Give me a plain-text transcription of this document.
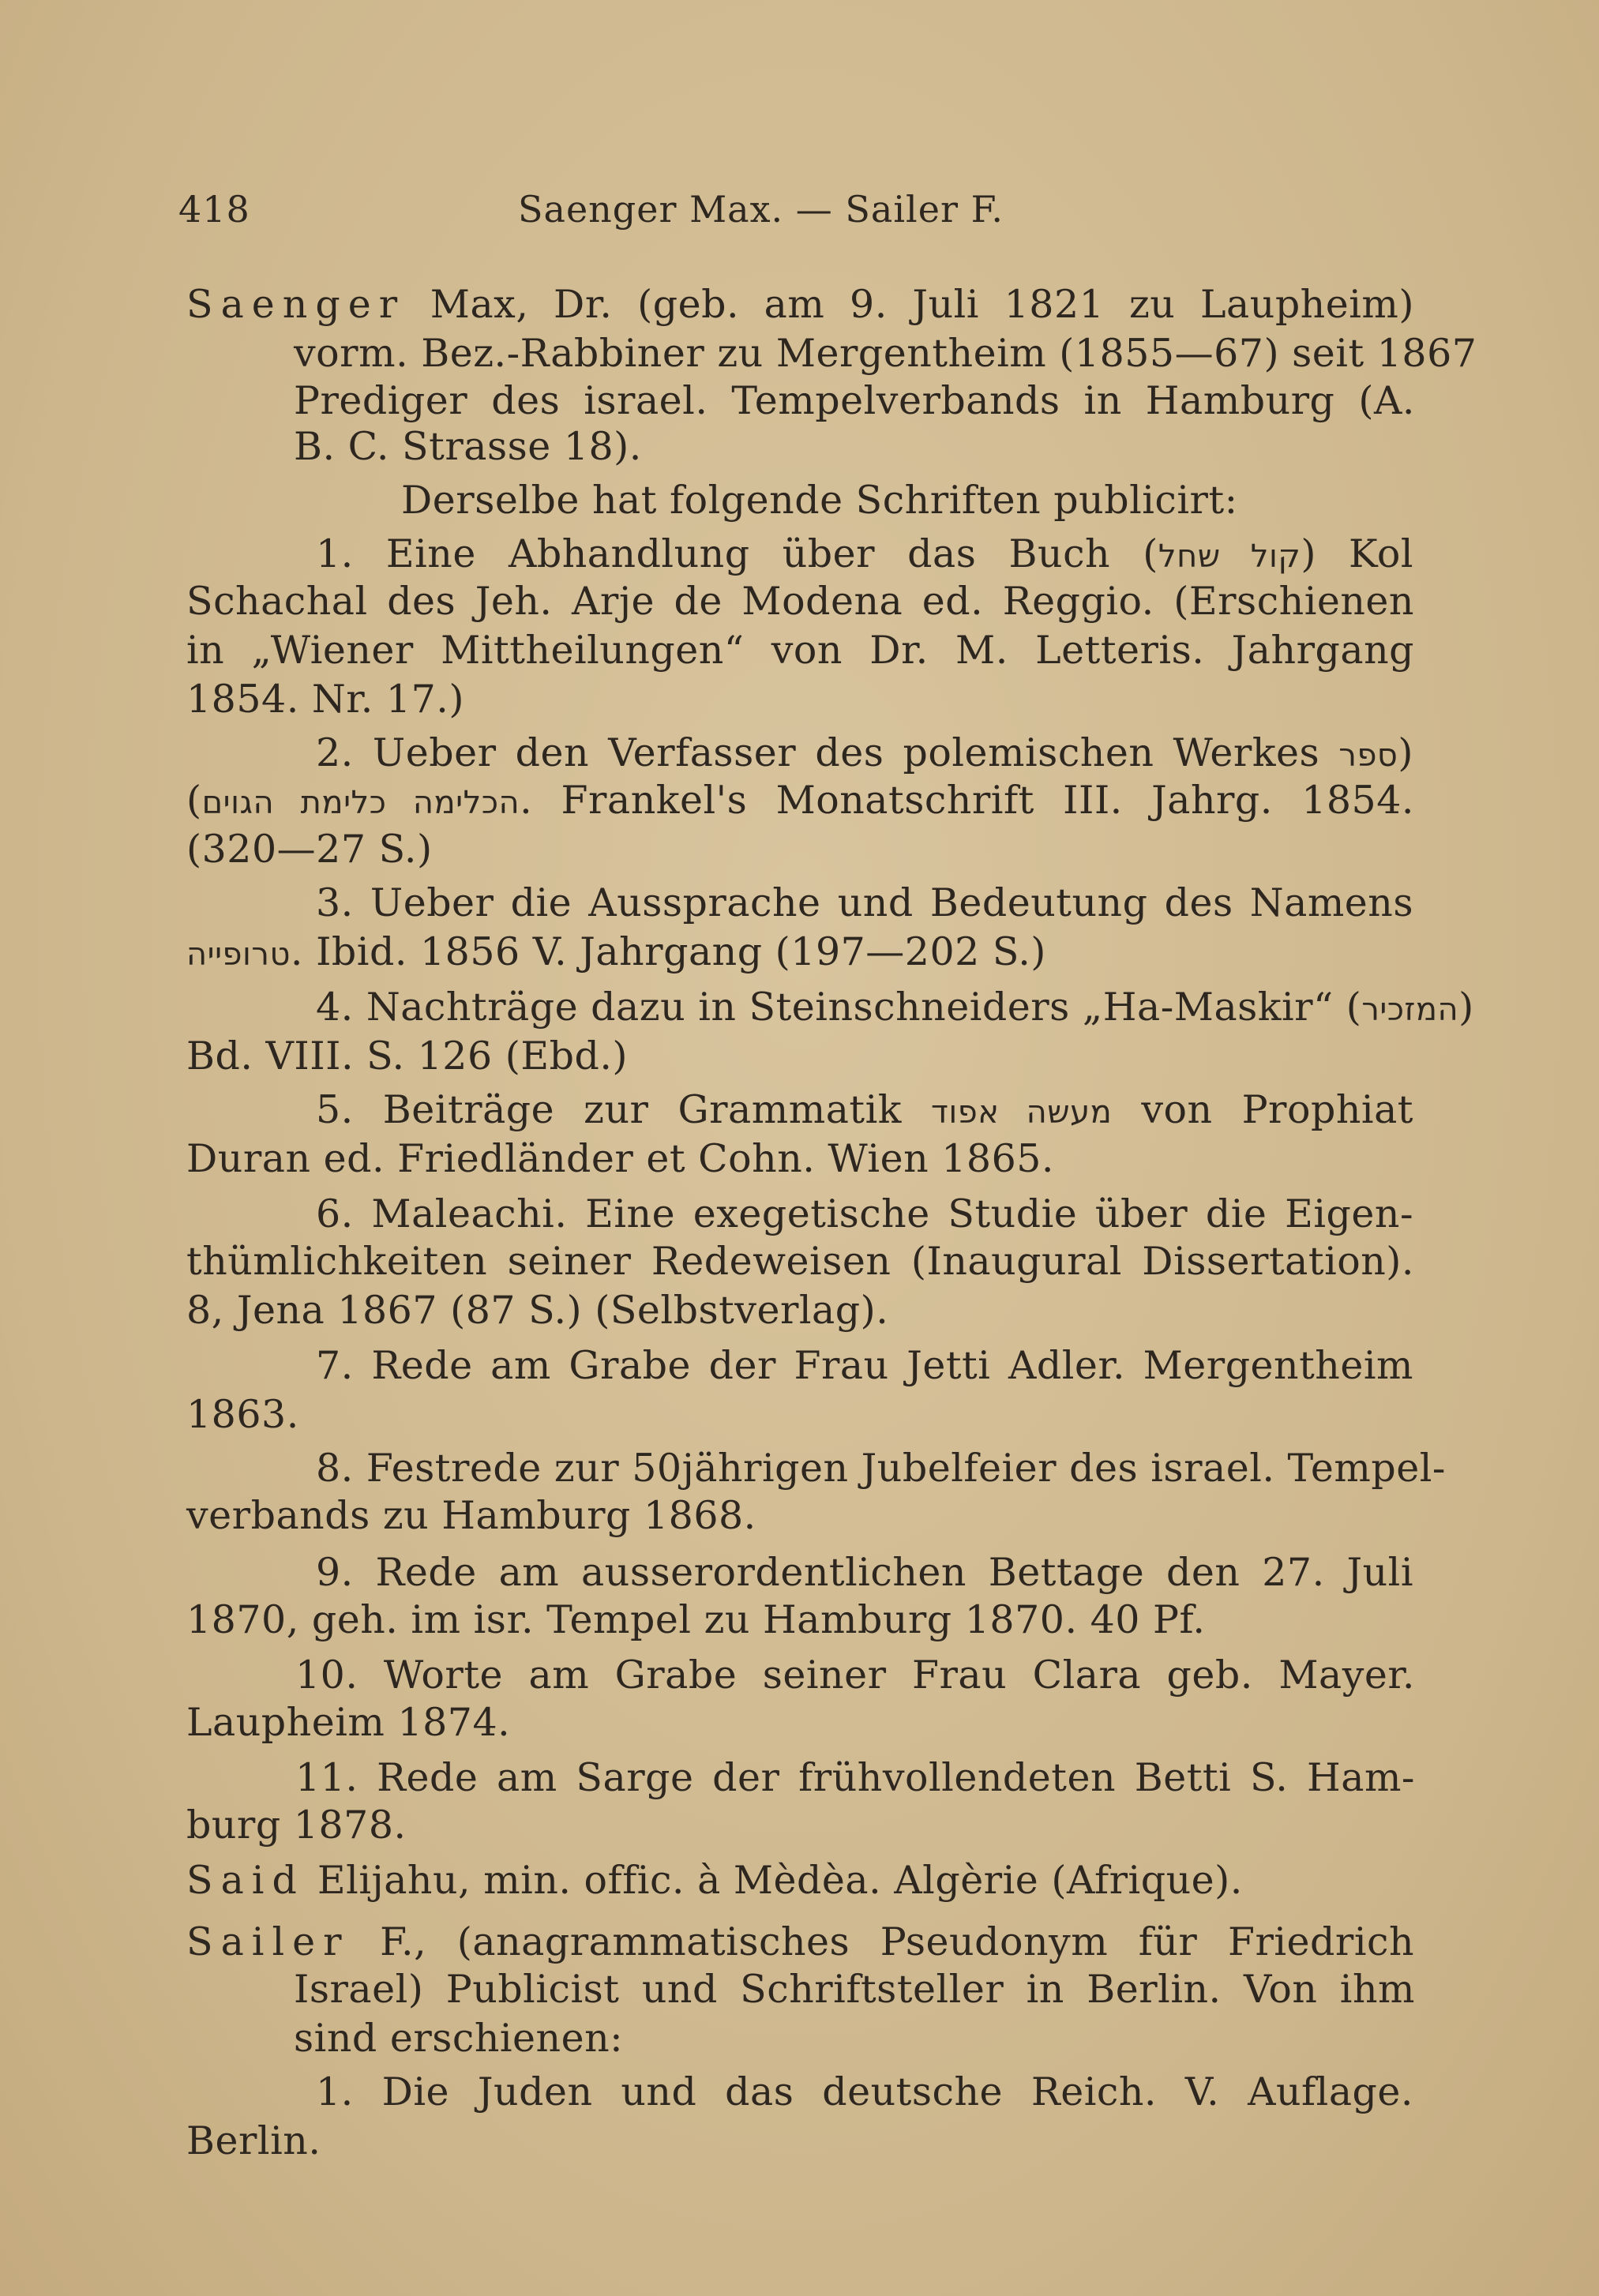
418	Saenger Max. — Sailer F.
Saenger Max, Dr. (geb. am 9. Juli 1821 zu Laupheim)
vorm. Bez.-Rabbiner zu Mergentheim (1855—67) seit 1867
Prediger des israel. Tempelverbands in Hamburg (A.
B. C. Strasse 18).
Derselbe hat folgende Schriften publicirt:
1. Eine Abhandlung über das Buch (קול שחל) Kol
Schachal des Jeh. Arje de Modena ed. Reggio. (Erschienen
in „Wiener Mittheilungen“ von Dr. M. Letteris. Jahrgang
1854. Nr. 17.)
2. Ueber den Verfasser des polemischen Werkes ספר)
(הכלימה כלימת הגוים. Frankel's Monatschrift III. Jahrg. 1854.
(320—27 S.)
3. Ueber die Aussprache und Bedeutung des Namens
טרופייה. Ibid. 1856 V. Jahrgang (197—202 S.)
4. Nachträge dazu in Steinschneiders „Ha-Maskir“ (המזכיר)
Bd. VIII. S. 126 (Ebd.)
5. Beiträge zur Grammatik מעשה אפוד von Prophiat
Duran ed. Friedländer et Cohn. Wien 1865.
6. Maleachi. Eine exegetische Studie über die Eigen-
thümlichkeiten seiner Redeweisen (Inaugural Dissertation).
8, Jena 1867 (87 S.) (Selbstverlag).
7. Rede am Grabe der Frau Jetti Adler. Mergentheim
1863.
8. Festrede zur 50jährigen Jubelfeier des israel. Tempel-
verbands zu Hamburg 1868.
9. Rede am ausserordentlichen Bettage den 27. Juli
1870, geh. im isr. Tempel zu Hamburg 1870. 40 Pf.
10. Worte am Grabe seiner Frau Clara geb. Mayer.
Laupheim 1874.
11. Rede am Sarge der frühvollendeten Betti S. Ham-
burg 1878.
Said Elijahu, min. offic. à Mèdèa. Algèrie (Afrique).
Sailer F., (anagrammatisches Pseudonym für Friedrich
Israel) Publicist und Schriftsteller in Berlin. Von ihm
sind erschienen:
1. Die Juden und das deutsche Reich. V. Auflage.
Berlin.
